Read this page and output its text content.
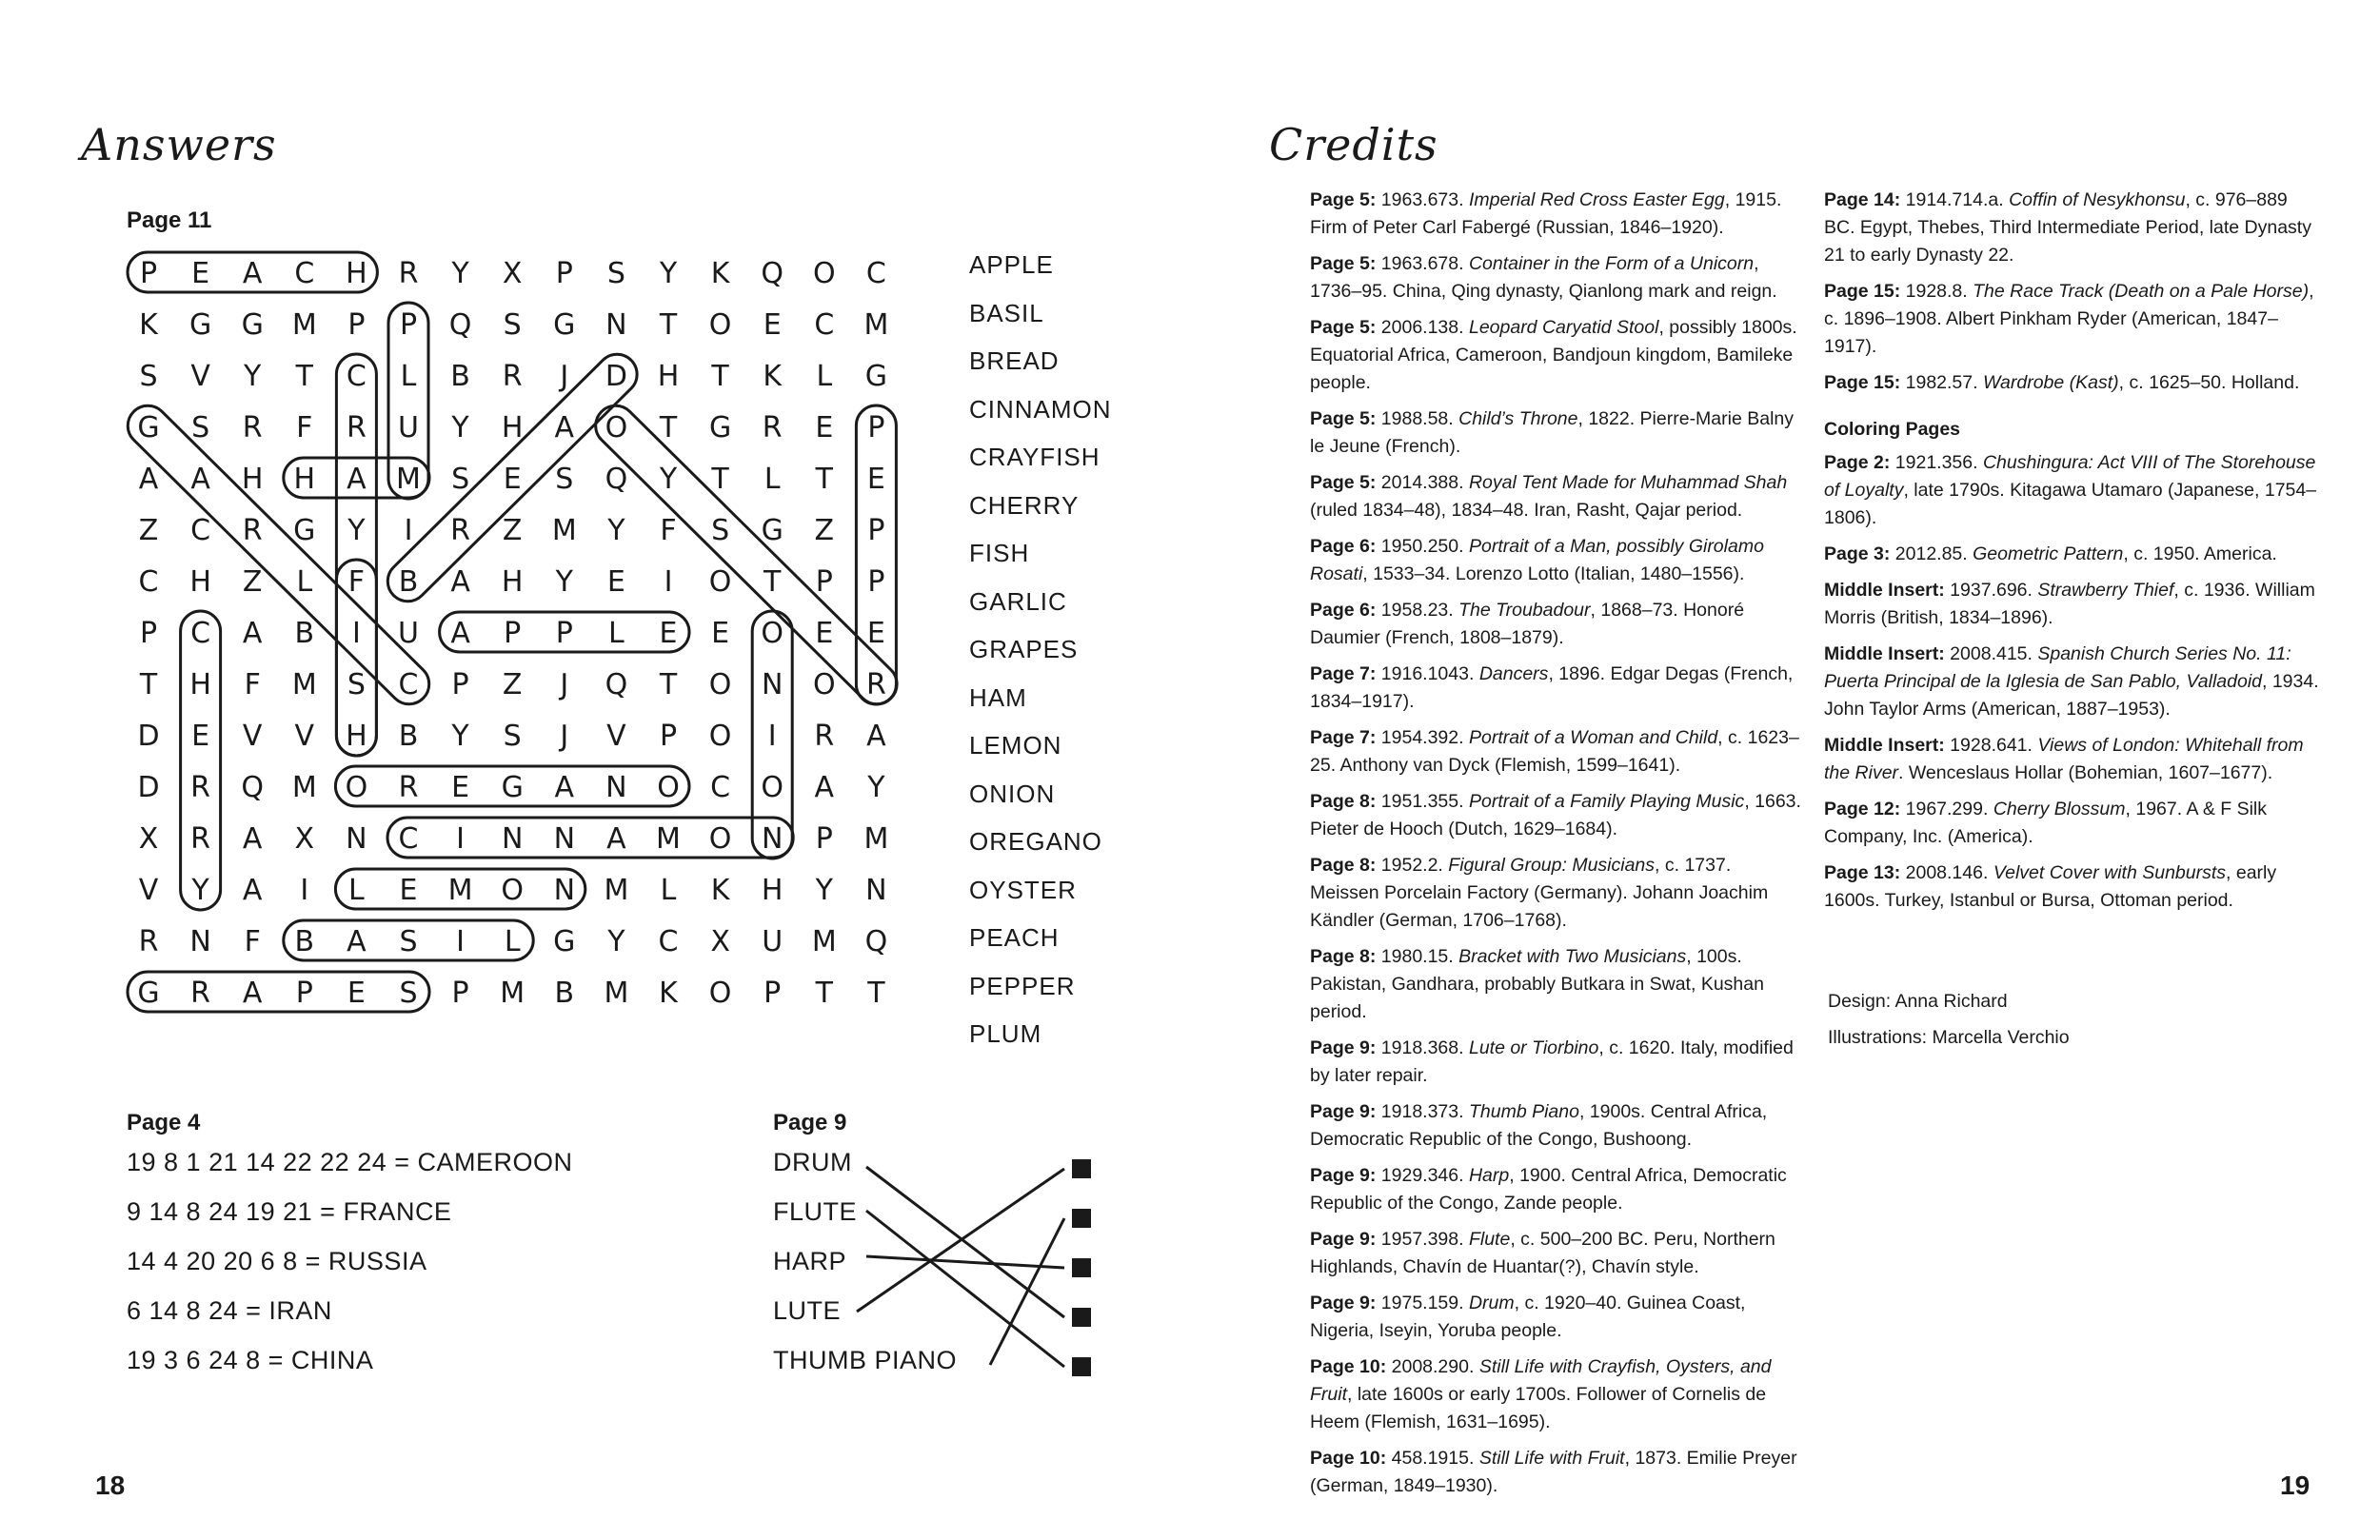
Answers
Page 11
P E A C H R Y X P S Y K Q O C
K G G M P P Q S G N T O E C M
S V Y T C L B R J D H T K L G
G S R F R U Y H A O T G R E P
A A H H A M S E S Q Y T L T E
Z C R G Y I R Z M Y F S G Z P
C H Z L F B A H Y E I O T P P
P C A B I U A P P L E E O E E
T H F M S C P Z J Q T O N O R
D E V V H B Y S J V P O I R A
D R Q M O R E G A N O C O A Y
X R A X N C I N N A M O N P M
V Y A I L E M O N M L K H Y N
R N F B A S I L G Y C X U M Q
G R A P E S P M B M K O P T T
APPLE
BASIL
BREAD
CINNAMON
CRAYFISH
CHERRY
FISH
GARLIC
GRAPES
HAM
LEMON
ONION
OREGANO
OYSTER
PEACH
PEPPER
PLUM
Page 4
19 8 1 21 14 22 22 24 = CAMEROON
9 14 8 24 19 21 = FRANCE
14 4 20 20 6 8 = RUSSIA
6 14 8 24 = IRAN
19 3 6 24 8 = CHINA
Page 9
DRUM
FLUTE
HARP
LUTE
THUMB PIANO
18
Credits

Page 5: 1963.673. Imperial Red Cross Easter Egg, 1915. Firm of Peter Carl Fabergé (Russian, 1846–1920).

Page 5: 1963.678. Container in the Form of a Unicorn, 1736–95. China, Qing dynasty, Qianlong mark and reign.

Page 5: 2006.138. Leopard Caryatid Stool, possibly 1800s. Equatorial Africa, Cameroon, Bandjoun kingdom, Bamileke people.

Page 5: 1988.58. Child’s Throne, 1822. Pierre-Marie Balny le Jeune (French).

Page 5: 2014.388. Royal Tent Made for Muhammad Shah (ruled 1834–48), 1834–48. Iran, Rasht, Qajar period.

Page 6: 1950.250. Portrait of a Man, possibly Girolamo Rosati, 1533–34. Lorenzo Lotto (Italian, 1480–1556).

Page 6: 1958.23. The Troubadour, 1868–73. Honoré Daumier (French, 1808–1879).

Page 7: 1916.1043. Dancers, 1896. Edgar Degas (French, 1834–1917).

Page 7: 1954.392. Portrait of a Woman and Child, c. 1623–25. Anthony van Dyck (Flemish, 1599–1641).

Page 8: 1951.355. Portrait of a Family Playing Music, 1663. Pieter de Hooch (Dutch, 1629–1684).

Page 8: 1952.2. Figural Group: Musicians, c. 1737. Meissen Porcelain Factory (Germany). Johann Joachim Kändler (German, 1706–1768).

Page 8: 1980.15. Bracket with Two Musicians, 100s. Pakistan, Gandhara, probably Butkara in Swat, Kushan period.

Page 9: 1918.368. Lute or Tiorbino, c. 1620. Italy, modified by later repair.

Page 9: 1918.373. Thumb Piano, 1900s. Central Africa, Democratic Republic of the Congo, Bushoong.

Page 9: 1929.346. Harp, 1900. Central Africa, Democratic Republic of the Congo, Zande people.

Page 9: 1957.398. Flute, c. 500–200 BC. Peru, Northern Highlands, Chavín de Huantar(?), Chavín style.

Page 9: 1975.159. Drum, c. 1920–40. Guinea Coast, Nigeria, Iseyin, Yoruba people.

Page 10: 2008.290. Still Life with Crayfish, Oysters, and Fruit, late 1600s or early 1700s. Follower of Cornelis de Heem (Flemish, 1631–1695).

Page 10: 458.1915. Still Life with Fruit, 1873. Emilie Preyer (German, 1849–1930).

Page 14: 1914.714.a. Coffin of Nesykhonsu, c. 976–889 BC. Egypt, Thebes, Third Intermediate Period, late Dynasty 21 to early Dynasty 22.

Page 15: 1928.8. The Race Track (Death on a Pale Horse), c. 1896–1908. Albert Pinkham Ryder (American, 1847–1917).

Page 15: 1982.57. Wardrobe (Kast), c. 1625–50. Holland.

Coloring Pages

Page 2: 1921.356. Chushingura: Act VIII of The Storehouse of Loyalty, late 1790s. Kitagawa Utamaro (Japanese, 1754–1806).

Page 3: 2012.85. Geometric Pattern, c. 1950. America.

Middle Insert: 1937.696. Strawberry Thief, c. 1936. William Morris (British, 1834–1896).

Middle Insert: 2008.415. Spanish Church Series No. 11: Puerta Principal de la Iglesia de San Pablo, Valladoid, 1934. John Taylor Arms (American, 1887–1953).

Middle Insert: 1928.641. Views of London: Whitehall from the River. Wenceslaus Hollar (Bohemian, 1607–1677).

Page 12: 1967.299. Cherry Blossum, 1967. A & F Silk Company, Inc. (America).

Page 13: 2008.146. Velvet Cover with Sunbursts, early 1600s. Turkey, Istanbul or Bursa, Ottoman period.

Design: Anna Richard
Illustrations: Marcella Verchio
19
